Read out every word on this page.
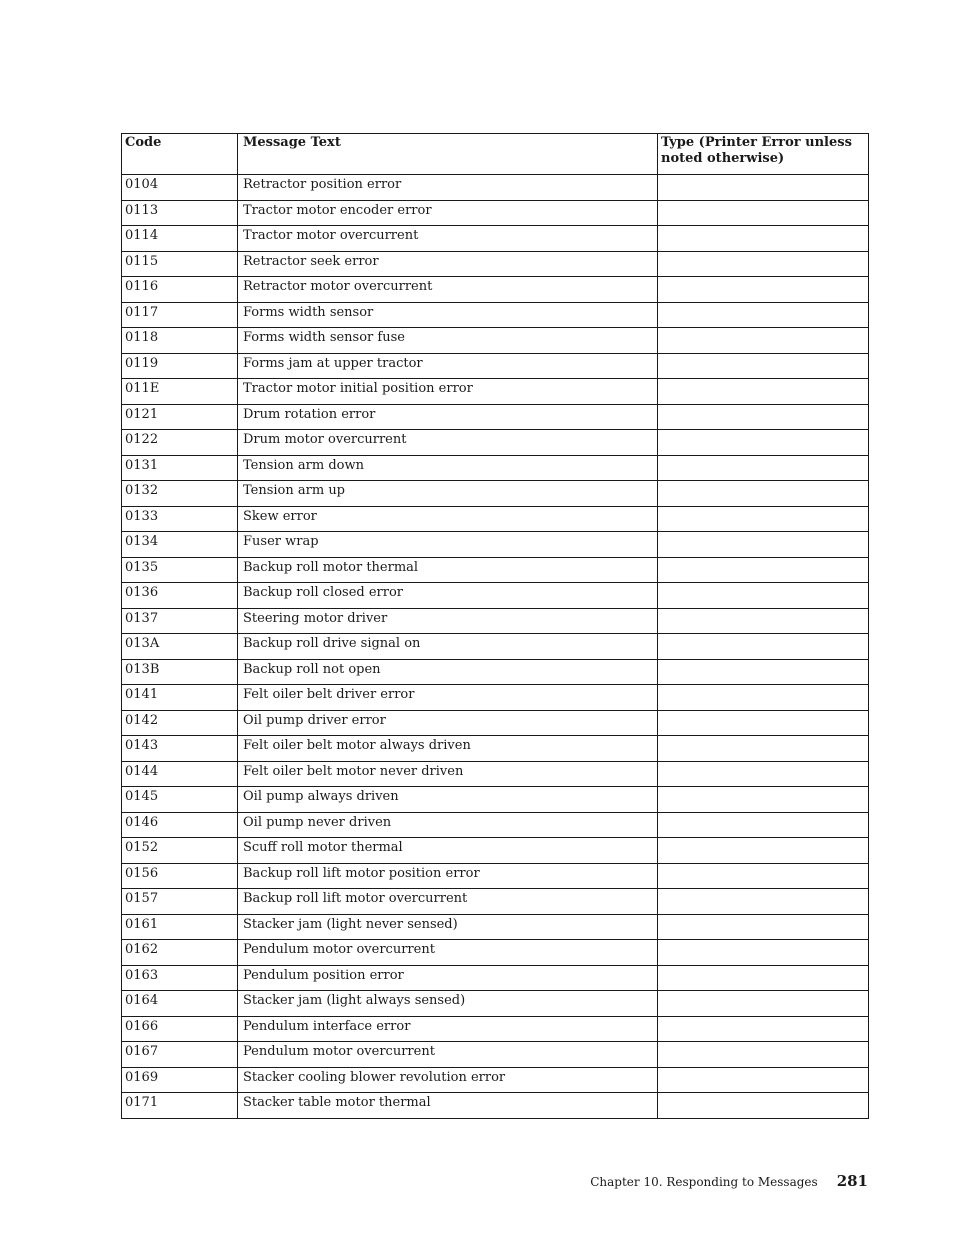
Code	Message Text	Type (Printer Error unless noted otherwise)
0104	Retractor position error	
0113	Tractor motor encoder error	
0114	Tractor motor overcurrent	
0115	Retractor seek error	
0116	Retractor motor overcurrent	
0117	Forms width sensor	
0118	Forms width sensor fuse	
0119	Forms jam at upper tractor	
011E	Tractor motor initial position error	
0121	Drum rotation error	
0122	Drum motor overcurrent	
0131	Tension arm down	
0132	Tension arm up	
0133	Skew error	
0134	Fuser wrap	
0135	Backup roll motor thermal	
0136	Backup roll closed error	
0137	Steering motor driver	
013A	Backup roll drive signal on	
013B	Backup roll not open	
0141	Felt oiler belt driver error	
0142	Oil pump driver error	
0143	Felt oiler belt motor always driven	
0144	Felt oiler belt motor never driven	
0145	Oil pump always driven	
0146	Oil pump never driven	
0152	Scuff roll motor thermal	
0156	Backup roll lift motor position error	
0157	Backup roll lift motor overcurrent	
0161	Stacker jam (light never sensed)	
0162	Pendulum motor overcurrent	
0163	Pendulum position error	
0164	Stacker jam (light always sensed)	
0166	Pendulum interface error	
0167	Pendulum motor overcurrent	
0169	Stacker cooling blower revolution error	
0171	Stacker table motor thermal	
Chapter 10. Responding to Messages 281
